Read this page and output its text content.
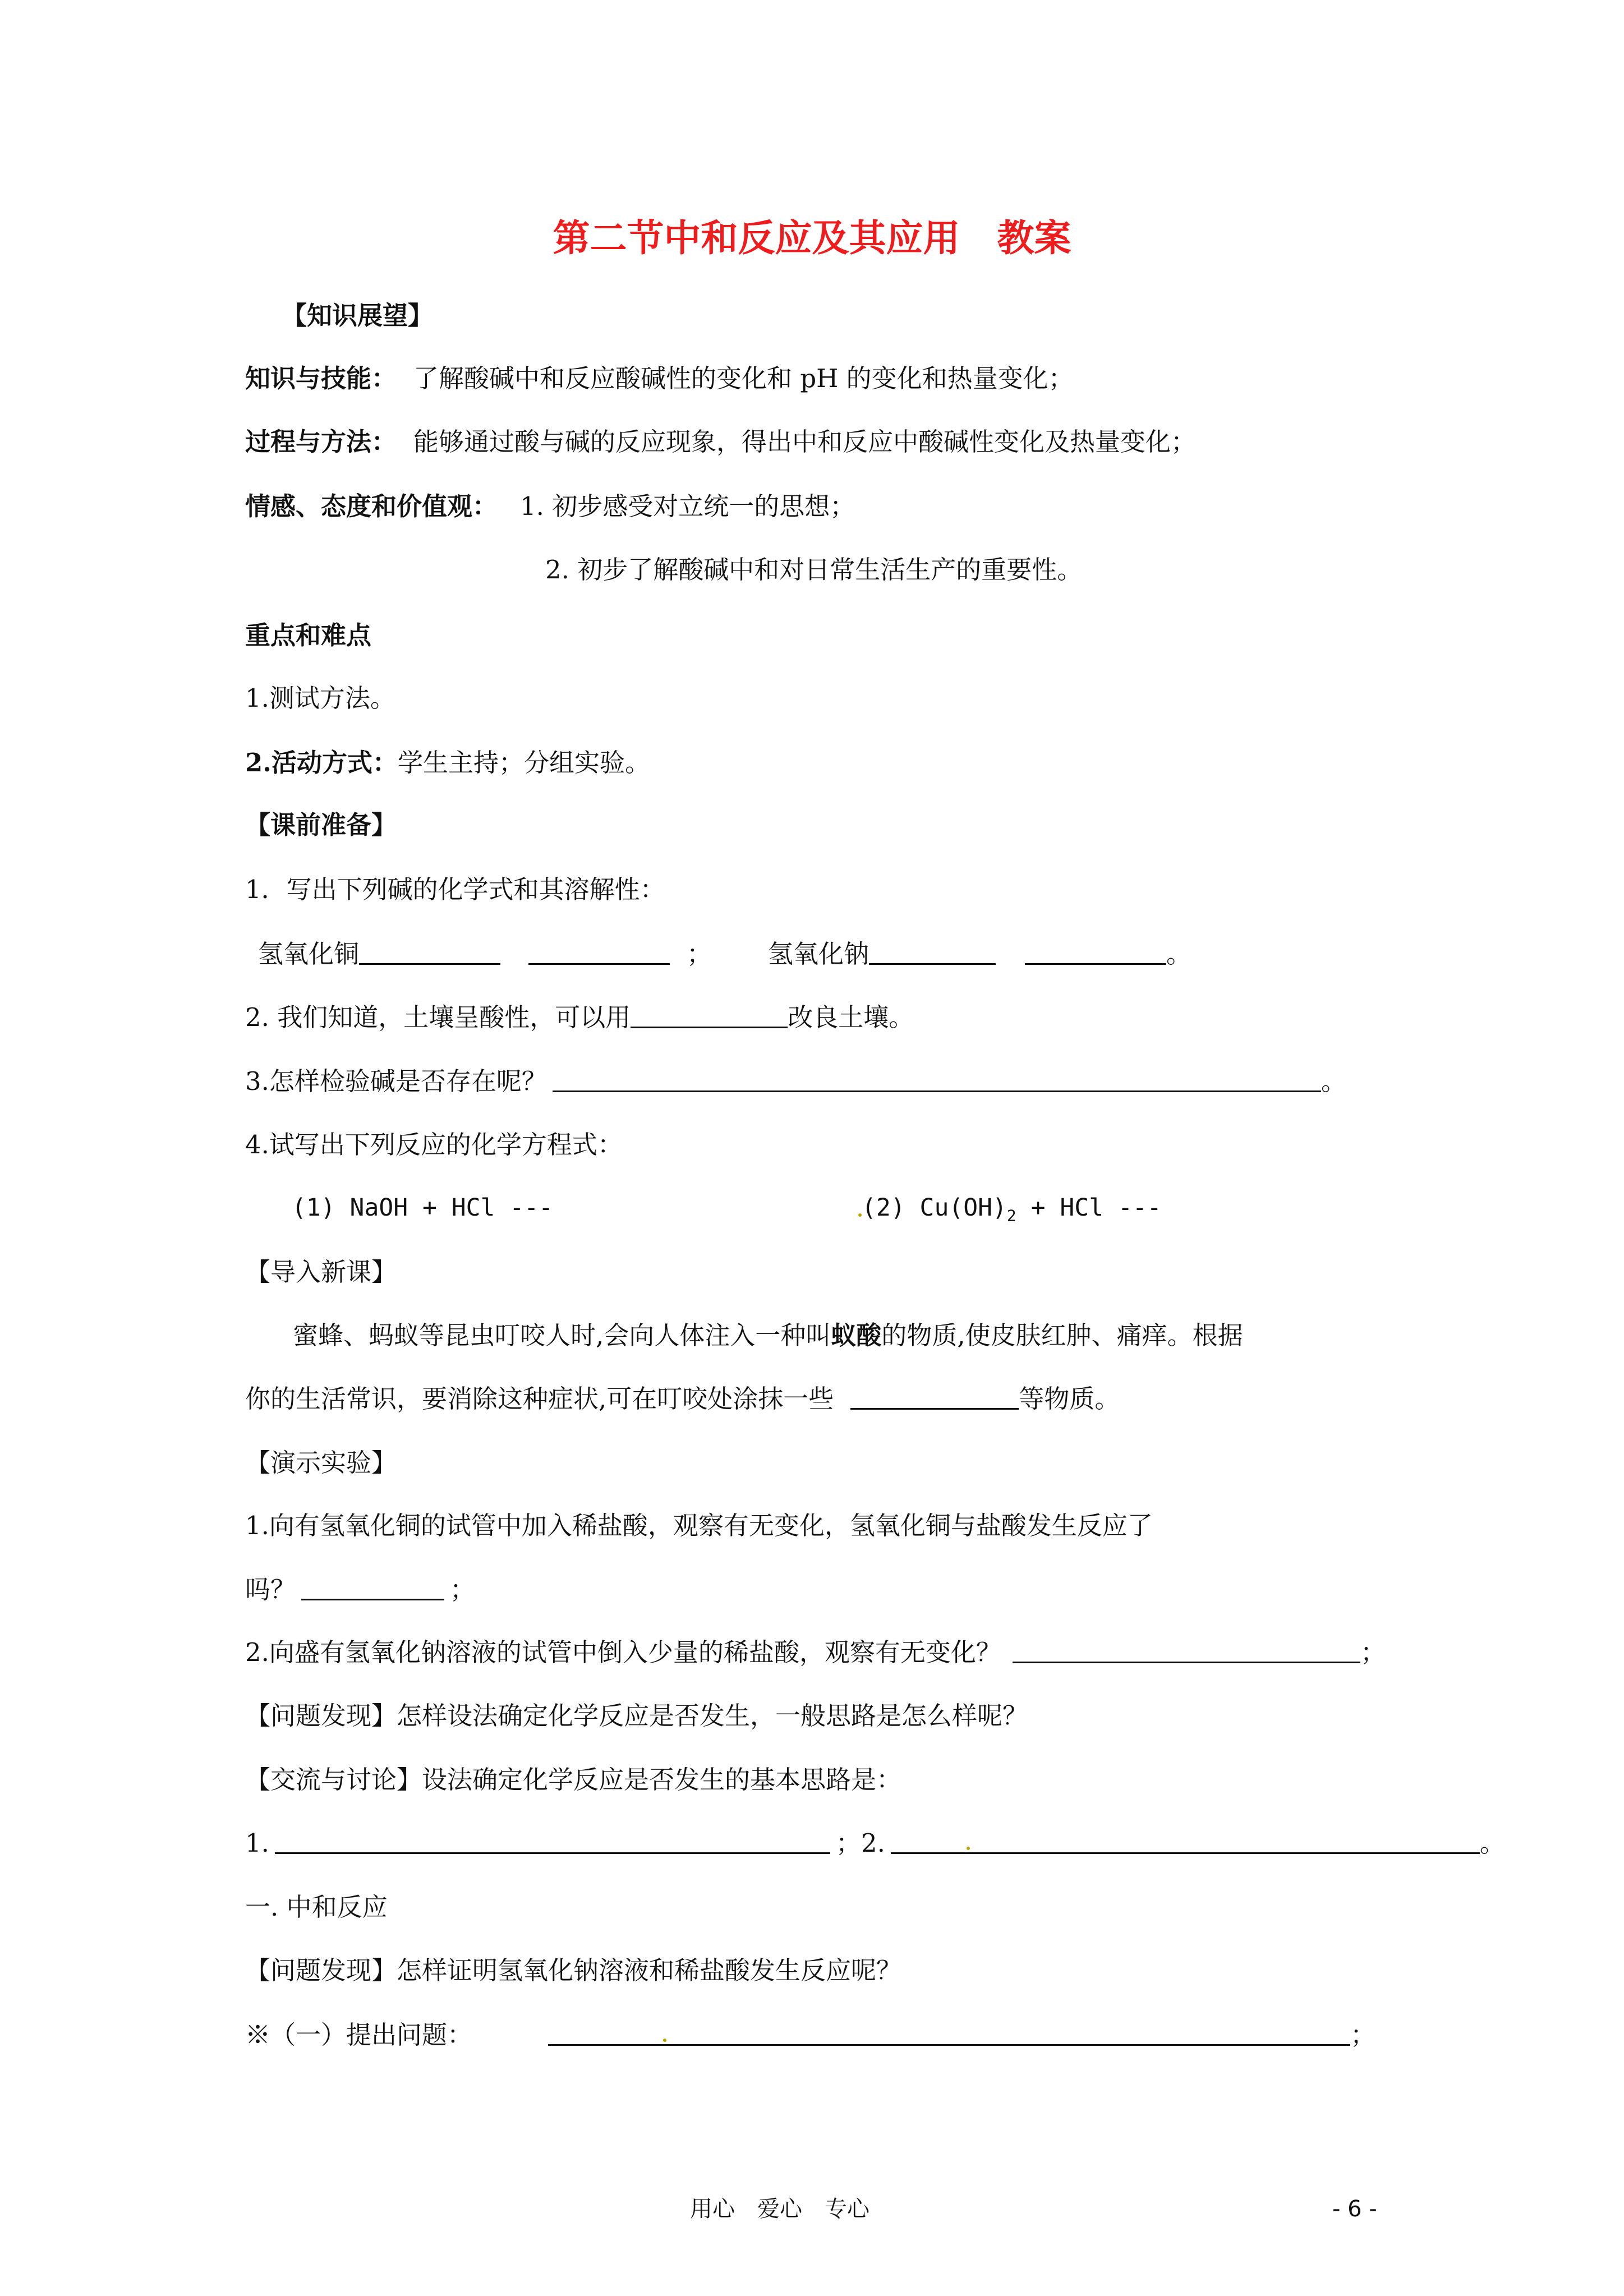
第二节中和反应及其应用　教案
【知识展望】
知识与技能： 了解酸碱中和反应酸碱性的变化和 pH 的变化和热量变化；
过程与方法： 能够通过酸与碱的反应现象，得出中和反应中酸碱性变化及热量变化；
情感、态度和价值观： 1. 初步感受对立统一的思想；
2. 初步了解酸碱中和对日常生活生产的重要性。
重点和难点
1.测试方法。
2.活动方式：学生主持；分组实验。
【课前准备】
1．写出下列碱的化学式和其溶解性：
氢氧化铜	； 氢氧化钠	。
2. 我们知道，土壤呈酸性，可以用	改良土壤。
3.怎样检验碱是否存在呢？	。
4.试写出下列反应的化学方程式：
(1) NaOH + HCl ---	(2) $Cu(OH)_2$ + HCl ---
【导入新课】
蜜蜂、蚂蚁等昆虫叮咬人时,会向人体注入一种叫蚁酸的物质,使皮肤红肿、痛痒。根据
你的生活常识，要消除这种症状,可在叮咬处涂抹一些	等物质。
【演示实验】
1.向有氢氧化铜的试管中加入稀盐酸，观察有无变化，氢氧化铜与盐酸发生反应了
吗？	；
2.向盛有氢氧化钠溶液的试管中倒入少量的稀盐酸，观察有无变化？	；
【问题发现】怎样设法确定化学反应是否发生，一般思路是怎么样呢？
【交流与讨论】设法确定化学反应是否发生的基本思路是：
1.	；2.	。
一. 中和反应
【问题发现】怎样证明氢氧化钠溶液和稀盐酸发生反应呢？
※（一）提出问题：	；
用心　爱心　专心	- 6 -
